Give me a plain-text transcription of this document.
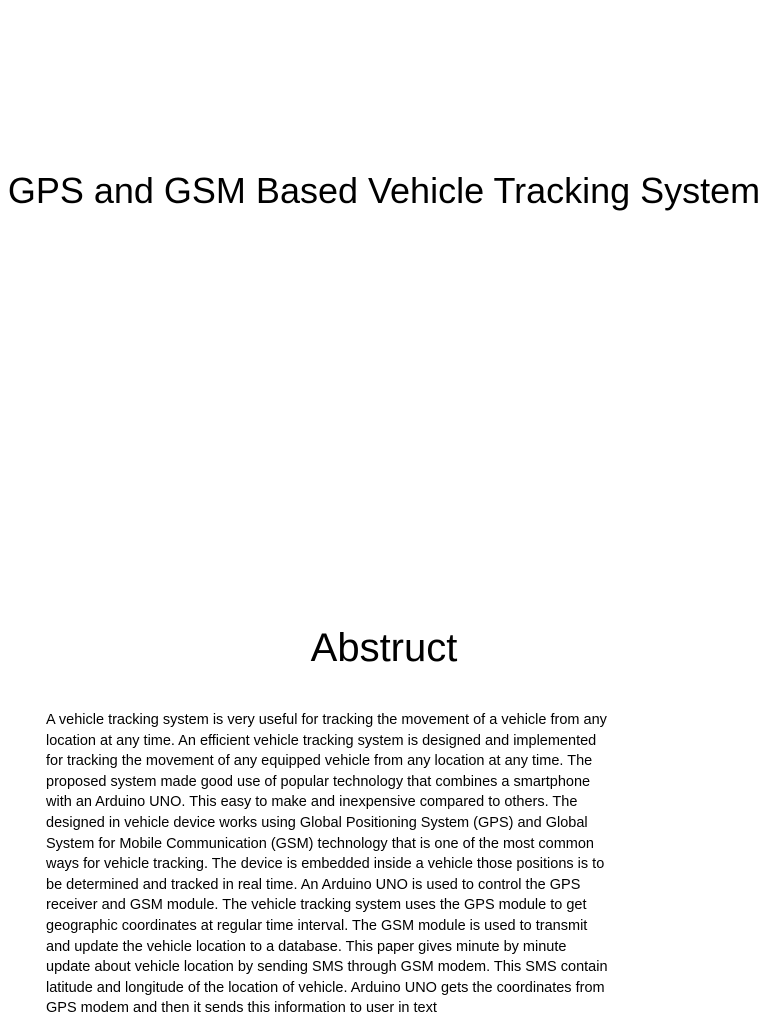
GPS and GSM Based Vehicle Tracking System
Abstruct
A vehicle tracking system is very useful for tracking the movement of a vehicle from any location at any time. An efficient vehicle tracking system is designed and implemented for tracking the movement of any equipped vehicle from any location at any time. The proposed system made good use of popular technology that combines a smartphone with an Arduino UNO. This easy to make and inexpensive compared to others. The designed in vehicle device works using Global Positioning System (GPS) and Global System for Mobile Communication (GSM) technology that is one of the most common ways for vehicle tracking. The device is embedded inside a vehicle those positions is to be determined and tracked in real time. An Arduino UNO is used to control the GPS receiver and GSM module. The vehicle tracking system uses the GPS module to get geographic coordinates at regular time interval. The GSM module is used to transmit and update the vehicle location to a database. This paper gives minute by minute update about vehicle location by sending SMS through GSM modem. This SMS contain latitude and longitude of the location of vehicle. Arduino UNO gets the coordinates from GPS modem and then it sends this information to user in text
